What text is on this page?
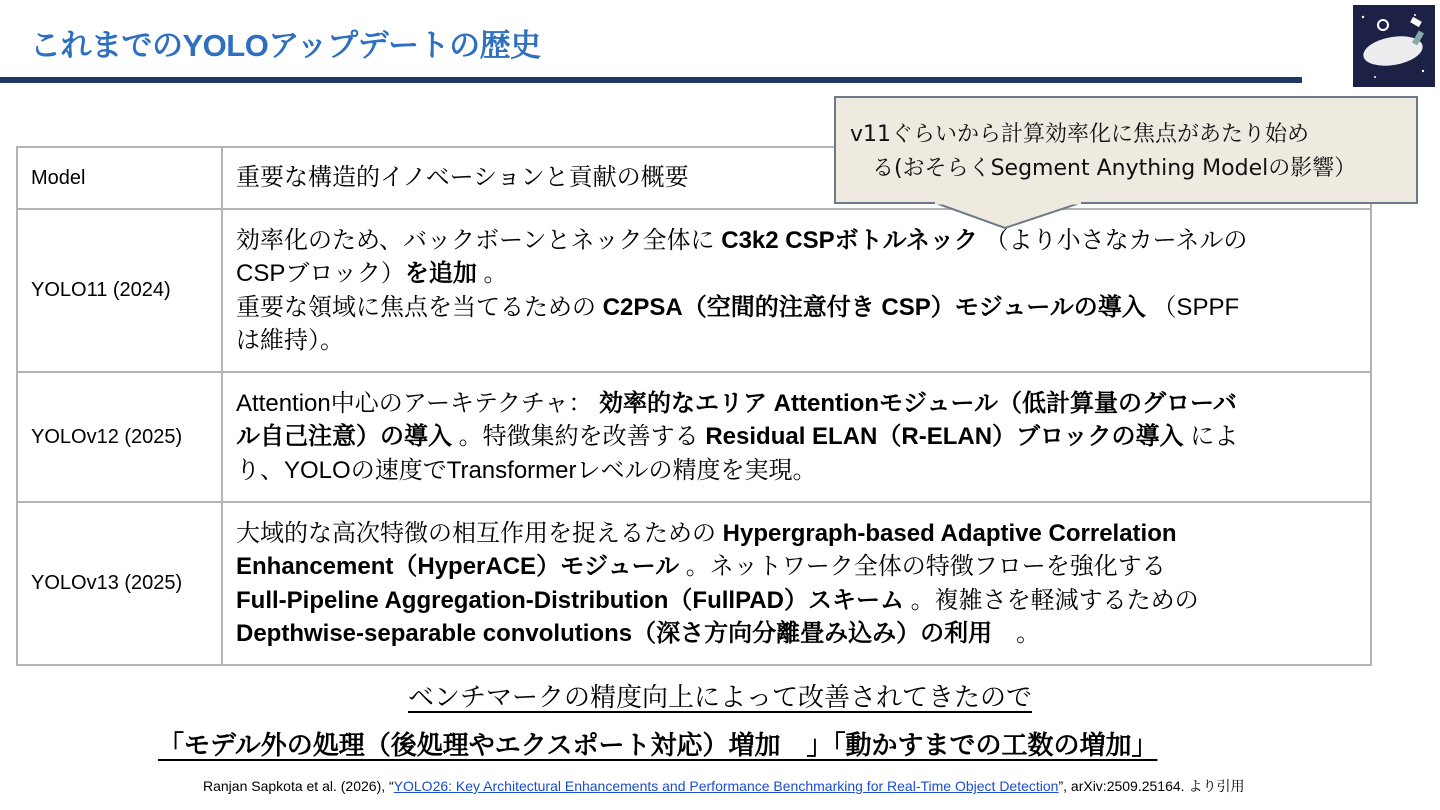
これまでのYOLOアップデートの歴史
v11ぐらいから計算効率化に焦点があたり始め
る(おそらくSegment Anything Modelの影響）
Model	重要な構造的イノベーションと貢献の概要
YOLO11 (2024)	効率化のため、バックボーンとネック全体に C3k2 CSPボトルネック （より小さなカーネルの
CSPブロック）を追加 。
重要な領域に焦点を当てるための C2PSA（空間的注意付き CSP）モジュールの導入 （SPPF
は維持）。

YOLOv12 (2025)	Attention中心のアーキテクチャ： 効率的なエリア Attentionモジュール（低計算量のグローバ
ル自己注意）の導入 。特徴集約を改善する Residual ELAN（R-ELAN）ブロックの導入 によ
り、YOLOの速度でTransformerレベルの精度を実現。

YOLOv13 (2025)	大域的な高次特徴の相互作用を捉えるための Hypergraph-based Adaptive Correlation
Enhancement（HyperACE）モジュール 。ネットワーク全体の特徴フローを強化する
Full-Pipeline Aggregation-Distribution（FullPAD）スキーム 。複雑さを軽減するための
Depthwise-separable convolutions（深さ方向分離畳み込み）の利用　。
ベンチマークの精度向上によって改善されてきたので
「モデル外の処理（後処理やエクスポート対応）増加　」「動かすまでの工数の増加」
Ranjan Sapkota et al. (2026), “YOLO26: Key Architectural Enhancements and Performance Benchmarking for Real-Time Object Detection”, arXiv:2509.25164. より引用
